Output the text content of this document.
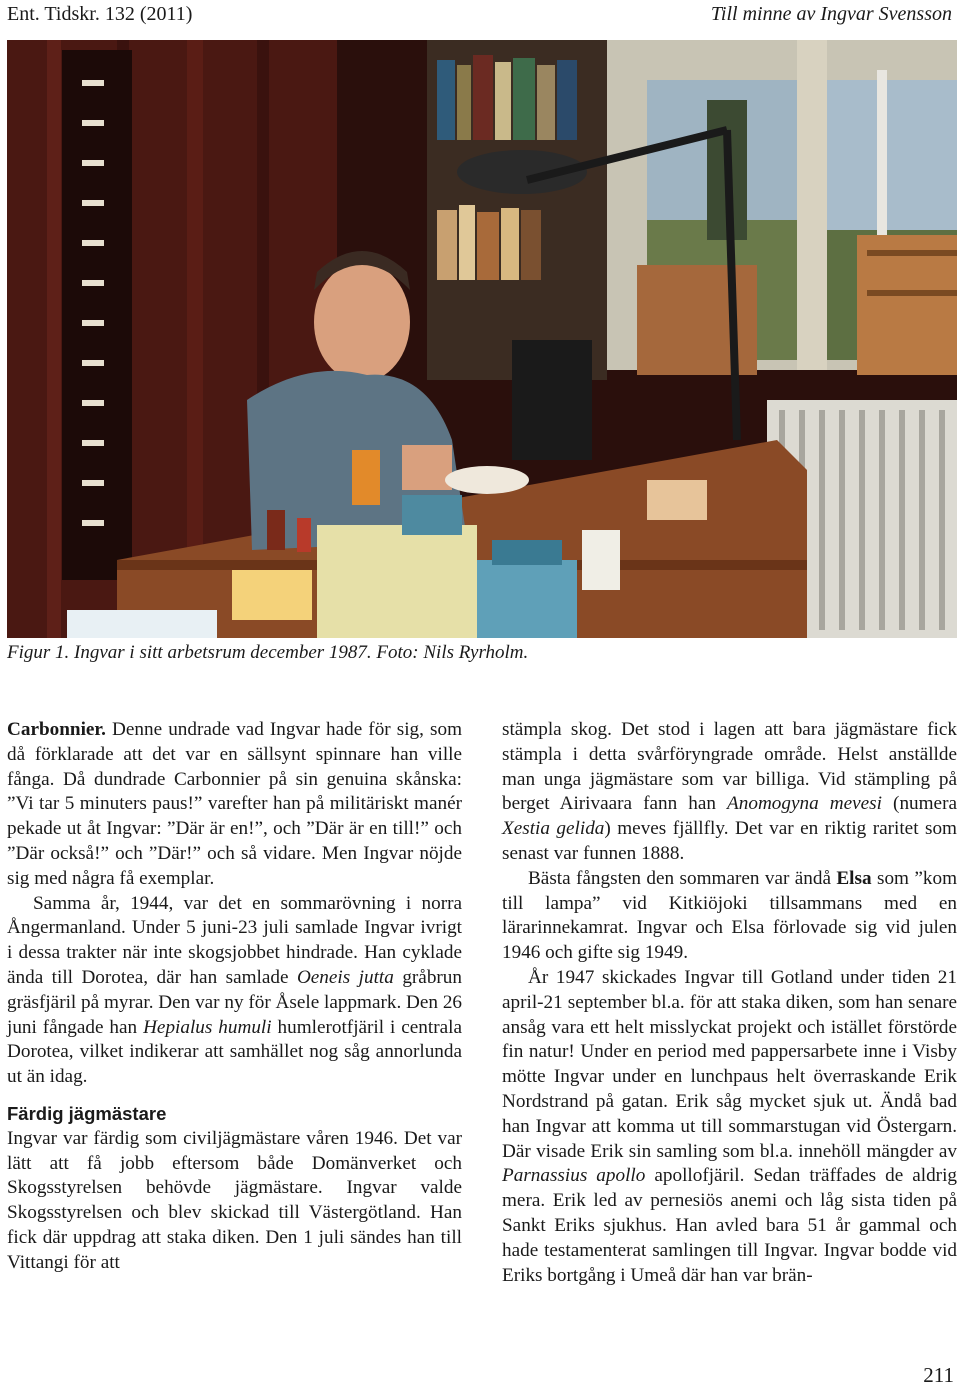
Ent. Tidskr. 132 (2011)	Till minne av Ingvar Svensson
Figur 1. Ingvar i sitt arbetsrum december 1987. Foto: Nils Ryrholm.

Carbonnier. Denne undrade vad Ingvar hade för sig, som då förklarade att det var en sällsynt spinnare han ville fånga. Då dundrade Carbonnier på sin genuina skånska: ”Vi tar 5 minuters paus!” varefter han på militäriskt manér pekade ut åt Ingvar: ”Där är en!”, och ”Där är en till!” och ”Där också!” och ”Där!” och så vidare. Men Ingvar nöjde sig med några få exemplar.

Samma år, 1944, var det en sommarövning i norra Ångermanland. Under 5 juni-23 juli samlade Ingvar ivrigt i dessa trakter när inte skogsjobbet hindrade. Han cyklade ända till Dorotea, där han samlade Oeneis jutta gråbrun gräsfjäril på myrar. Den var ny för Åsele lappmark. Den 26 juni fångade han Hepialus humuli humlerotfjäril i centrala Dorotea, vilket indikerar att samhället nog såg annorlunda ut än idag.

Färdig jägmästare

Ingvar var färdig som civiljägmästare våren 1946. Det var lätt att få jobb eftersom både Domänverket och Skogsstyrelsen behövde jägmästare. Ingvar valde Skogsstyrelsen och blev skickad till Västergötland. Han fick där uppdrag att staka diken. Den 1 juli sändes han till Vittangi för att

stämpla skog. Det stod i lagen att bara jägmästare fick stämpla i detta svårföryngrade område. Helst anställde man unga jägmästare som var billiga. Vid stämpling på berget Airivaara fann han Anomogyna mevesi (numera Xestia gelida) meves fjällfly. Det var en riktig raritet som senast var funnen 1888.

Bästa fångsten den sommaren var ändå Elsa som ”kom till lampa” vid Kitkiöjoki tillsammans med en lärarinnekamrat. Ingvar och Elsa förlovade sig vid julen 1946 och gifte sig 1949.

År 1947 skickades Ingvar till Gotland under tiden 21 april-21 september bl.a. för att staka diken, som han senare ansåg vara ett helt misslyckat projekt och istället förstörde fin natur! Under en period med pappersarbete inne i Visby mötte Ingvar under en lunchpaus helt överraskande Erik Nordstrand på gatan. Erik såg mycket sjuk ut. Ändå bad han Ingvar att komma ut till sommarstugan vid Östergarn. Där visade Erik sin samling som bl.a. innehöll mängder av Parnassius apollo apollofjäril. Sedan träffades de aldrig mera. Erik led av pernesiös anemi och låg sista tiden på Sankt Eriks sjukhus. Han avled bara 51 år gammal och hade testamenterat samlingen till Ingvar. Ingvar bodde vid Eriks bortgång i Umeå där han var brän-

211
